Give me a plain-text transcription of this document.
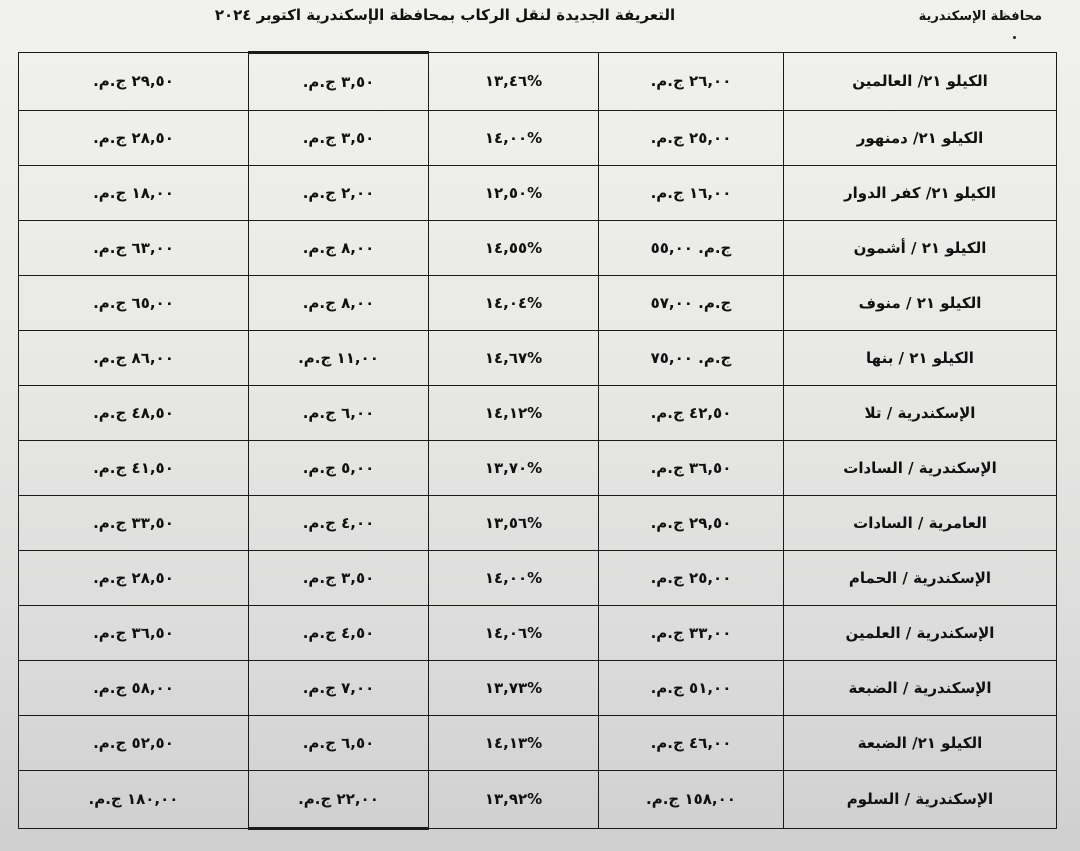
التعريفة الجديدة لنقل الركاب بمحافظة الإسكندرية اكتوبر ٢٠٢٤	محافظة الإسكندرية
الكيلو ٢١/ العالمين	٢٦,٠٠ ج.م.	%١٣,٤٦	٣,٥٠ ج.م.	٢٩,٥٠ ج.م.
الكيلو ٢١/ دمنهور	٢٥,٠٠ ج.م.	%١٤,٠٠	٣,٥٠ ج.م.	٢٨,٥٠ ج.م.
الكيلو ٢١/ كفر الدوار	١٦,٠٠ ج.م.	%١٢,٥٠	٢,٠٠ ج.م.	١٨,٠٠ ج.م.
الكيلو ٢١ / أشمون	ج.م. ٥٥,٠٠	%١٤,٥٥	٨,٠٠ ج.م.	٦٣,٠٠ ج.م.
الكيلو ٢١ / منوف	ج.م. ٥٧,٠٠	%١٤,٠٤	٨,٠٠ ج.م.	٦٥,٠٠ ج.م.
الكيلو ٢١ / بنها	ج.م. ٧٥,٠٠	%١٤,٦٧	١١,٠٠ ج.م.	٨٦,٠٠ ج.م.
الإسكندرية / تلا	٤٢,٥٠ ج.م.	%١٤,١٢	٦,٠٠ ج.م.	٤٨,٥٠ ج.م.
الإسكندرية / السادات	٣٦,٥٠ ج.م.	%١٣,٧٠	٥,٠٠ ج.م.	٤١,٥٠ ج.م.
العامرية / السادات	٢٩,٥٠ ج.م.	%١٣,٥٦	٤,٠٠ ج.م.	٣٣,٥٠ ج.م.
الإسكندرية / الحمام	٢٥,٠٠ ج.م.	%١٤,٠٠	٣,٥٠ ج.م.	٢٨,٥٠ ج.م.
الإسكندرية / العلمين	٣٣,٠٠ ج.م.	%١٤,٠٦	٤,٥٠ ج.م.	٣٦,٥٠ ج.م.
الإسكندرية / الضبعة	٥١,٠٠ ج.م.	%١٣,٧٣	٧,٠٠ ج.م.	٥٨,٠٠ ج.م.
الكيلو ٢١/ الضبعة	٤٦,٠٠ ج.م.	%١٤,١٣	٦,٥٠ ج.م.	٥٢,٥٠ ج.م.
الإسكندرية / السلوم	١٥٨,٠٠ ج.م.	%١٣,٩٢	٢٢,٠٠ ج.م.	١٨٠,٠٠ ج.م.
